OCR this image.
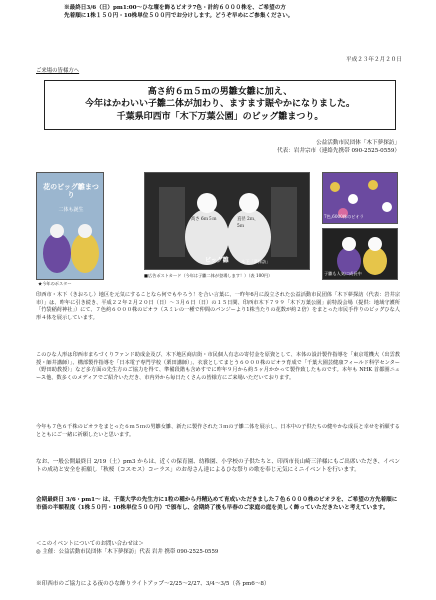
※最終日3/6（日）pm1:00～ひな壇を飾るビオラ7色・計約６０００株を、ご希望の方
先着順に1株１５０円・10株単位５００円でお分けします。どうぞ早めにご参集ください。
平成２３年２月２０日
ご来場の皆様方へ
高さ約６ｍ５ｍの男雛女雛に加え、
今年はかわいい子雛二体が加わり、ますます賑やかになりました。
千葉県印西市「木下万葉公園」のビッグ雛まつり。
公益活動市民団体「木下夢探訪」
代表：岩井宗市（連絡先携帯 090-2525-0559）
花のビッグ雛まつり
二体も誕生
★今年のポスター
高さ 6ｍ５ｍ	直径 2ｍ、
5ｍ
ビッグ雛	木下「夢探訪」
■広告ポストカード（今年は子雛二体が登場します！）（表 100円）
7色,6000株のビオラ
子雛も人気に成長中
印西市・木下（きおろし）地区を元気にすることなら何でもやろう！を合い言葉に、一昨年6月に設立された公益活動市民団体「木下夢探訪（代表：岩井宗市）」は、昨年に引き続き、平成２２年２月２０日（日）～３月６日（日）の１５日間、印西市木下７９９「木下万葉公園」前特設会場（提供：地域守護所「竹袋稲荷神社」）にて、７色約６０００株のビオラ（スミレの一種で仲間のパンジーより1株当たりの花数が約２倍）をまとった市民手作りのビッグひな人形４体を展示しています。
このひな人形は印西市まちづくりファンド助成金及び、木下地区商店街・市民個人有志の寄付金を原資として、本体の設計製作指導を「東京電機大（出雲教授・師井講師）」、構部製作指導を「日本電子専門学校（栗田講師）」、衣裳としてまとう６０００株のビオラ育成で「千葉大園芸健康フィールド科学センター（野田助教授）」など多方面の先生方のご協力を得て、準備段階も含めすでに昨年９月から約５ヶ月かかって製作致したものです。本年も NHK 首都圏ニュース他、数多くのメディアでご紹介いただき、市内外から毎日たくさんの皆様方にご来場いただいております。
今年も７色６千株のビオラをまとった６ｍ５ｍの男雛女雛、新たに製作された３ｍの子雛二体を展示し、日本中の子供たちの健やかな成長と幸せを祈願するとともにご一緒に祈願したいと思います。
なお、一般公開最終日 2/19（土）pm3 からは、近くの保育園、幼稚園、小学校の子供たちと、印西市長山崎三洋様にもご出席いただき、イベントの成功と安全を祈願し「秋桜（コスモス）コーラス」のお母さん達によるひな祭りの歌を奉じ元気にミニイベントを行います。
会期最終日 3/6・pm1～ は、千葉大学の先生方に1粒の種から丹精込めて育成いただきました７色６０００株のビオラを、ご希望の方先着順に市価の半額程度（1株５０円・10株単位５００円）で頒布し、会期終了後も早春のご家庭の庭を美しく飾っていただきたいと考えています。
＜このイベントについてのお問い合わせは＞
◎ 主催：公益活動市民団体「木下夢探訪」代表 岩井 携帯 090-2525-0559
※印西市のご協力による夜のひな飾りライトアップ～2/25～2/27、3/4～3/5（各 pm6～8）
